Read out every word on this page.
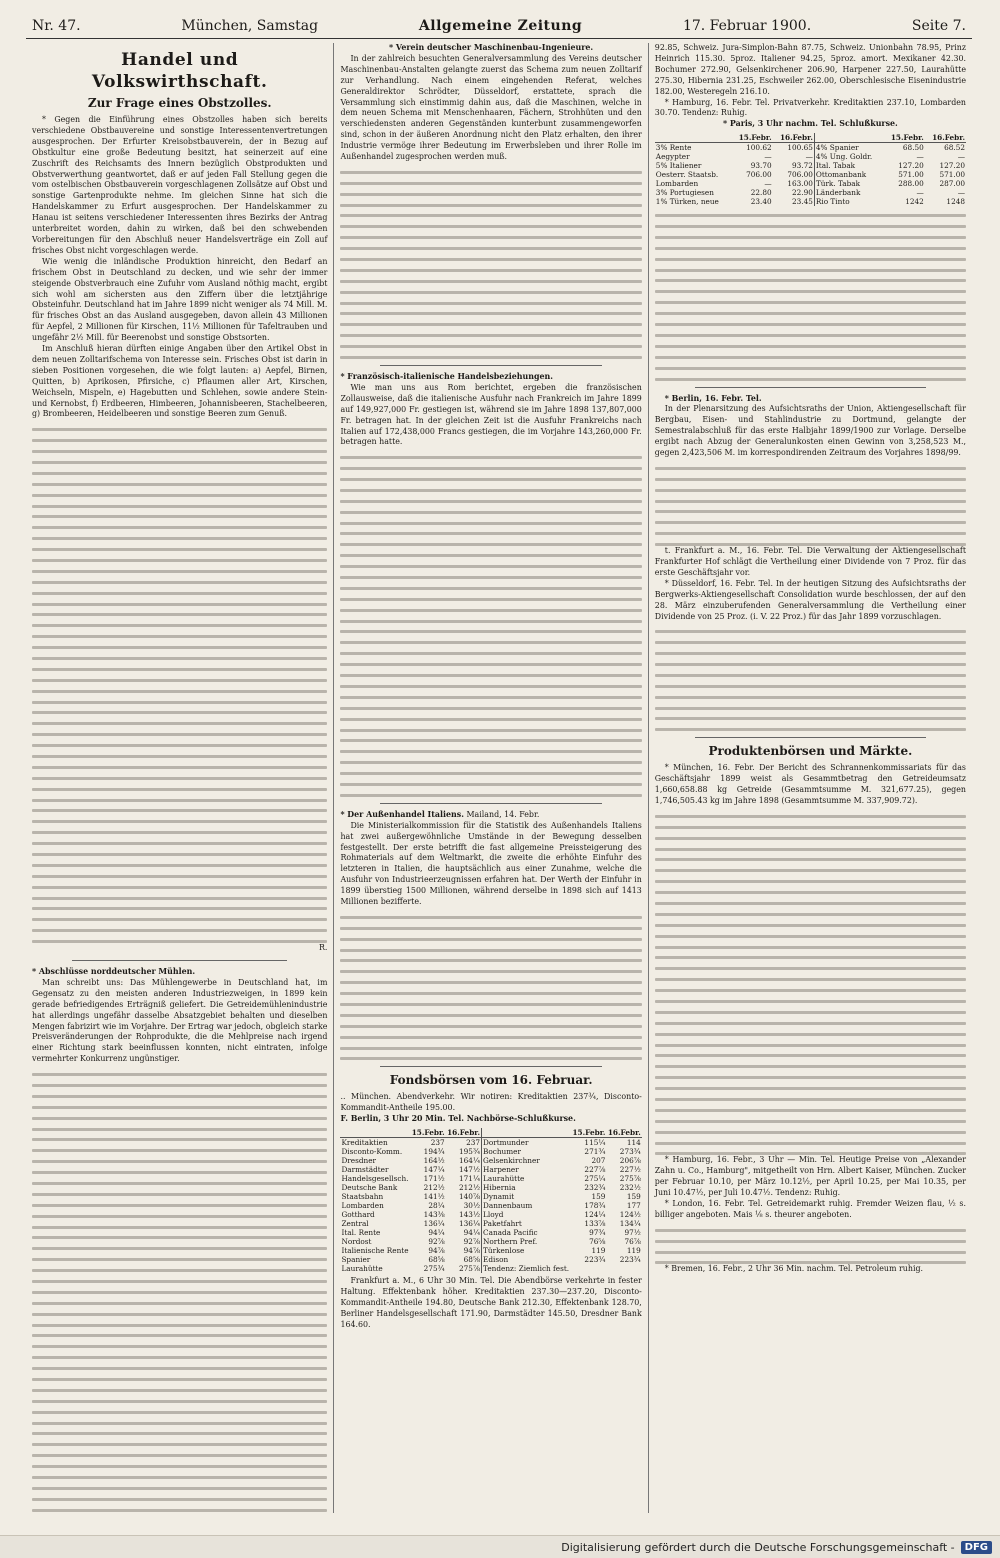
Nr. 47.	München, Samstag	Allgemeine Zeitung	17. Februar 1900.	Seite 7.
Handel und Volkswirthschaft.
Zur Frage eines Obstzolles.

* Gegen die Einführung eines Obstzolles haben sich bereits verschiedene Obstbauvereine und sonstige Interessentenvertretungen ausgesprochen. Der Erfurter Kreisobstbauverein, der in Bezug auf Obstkultur eine große Bedeutung besitzt, hat seinerzeit auf eine Zuschrift des Reichsamts des Innern bezüglich Obstprodukten und Obstverwerthung geantwortet, daß er auf jeden Fall Stellung gegen die vom ostelbischen Obstbauverein vorgeschlagenen Zollsätze auf Obst und sonstige Gartenprodukte nehme. Im gleichen Sinne hat sich die Handelskammer zu Erfurt ausgesprochen. Der Handelskammer zu Hanau ist seitens verschiedener Interessenten ihres Bezirks der Antrag unterbreitet worden, dahin zu wirken, daß bei den schwebenden Vorbereitungen für den Abschluß neuer Handelsverträge ein Zoll auf frisches Obst nicht vorgeschlagen werde.

Wie wenig die inländische Produktion hinreicht, den Bedarf an frischem Obst in Deutschland zu decken, und wie sehr der immer steigende Obstverbrauch eine Zufuhr vom Ausland nöthig macht, ergibt sich wohl am sichersten aus den Ziffern über die letztjährige Obsteinfuhr. Deutschland hat im Jahre 1899 nicht weniger als 74 Mill. M. für frisches Obst an das Ausland ausgegeben, davon allein 43 Millionen für Aepfel, 2 Millionen für Kirschen, 11½ Millionen für Tafeltrauben und ungefähr 2½ Mill. für Beerenobst und sonstige Obstsorten.

Im Anschluß hieran dürften einige Angaben über den Artikel Obst in dem neuen Zolltarifschema von Interesse sein. Frisches Obst ist darin in sieben Positionen vorgesehen, die wie folgt lauten: a) Aepfel, Birnen, Quitten, b) Aprikosen, Pfirsiche, c) Pflaumen aller Art, Kirschen, Weichseln, Mispeln, e) Hagebutten und Schlehen, sowie andere Stein- und Kernobst, f) Erdbeeren, Himbeeren, Johannisbeeren, Stachelbeeren, g) Brombeeren, Heidelbeeren und sonstige Beeren zum Genuß.

R.

* Abschlüsse norddeutscher Mühlen.

Man schreibt uns: Das Mühlengewerbe in Deutschland hat, im Gegensatz zu den meisten anderen Industriezweigen, in 1899 kein gerade befriedigendes Erträgniß geliefert. Die Getreidemühlenindustrie hat allerdings ungefähr dasselbe Absatzgebiet behalten und dieselben Mengen fabrizirt wie im Vorjahre. Der Ertrag war jedoch, obgleich starke Preisveränderungen der Rohprodukte, die die Mehlpreise nach irgend einer Richtung stark beeinflussen konnten, nicht eintraten, infolge vermehrter Konkurrenz ungünstiger.

* Verein deutscher Maschinenbau-Ingenieure.

In der zahlreich besuchten Generalversammlung des Vereins deutscher Maschinenbau-Anstalten gelangte zuerst das Schema zum neuen Zolltarif zur Verhandlung. Nach einem eingehenden Referat, welches Generaldirektor Schrödter, Düsseldorf, erstattete, sprach die Versammlung sich einstimmig dahin aus, daß die Maschinen, welche in dem neuen Schema mit Menschenhaaren, Fächern, Strohhüten und den verschiedensten anderen Gegenständen kunterbunt zusammengeworfen sind, schon in der äußeren Anordnung nicht den Platz erhalten, den ihrer Industrie vermöge ihrer Bedeutung im Erwerbsleben und ihrer Rolle im Außenhandel zugesprochen werden muß.

* Französisch-italienische Handelsbeziehungen.

Wie man uns aus Rom berichtet, ergeben die französischen Zollausweise, daß die italienische Ausfuhr nach Frankreich im Jahre 1899 auf 149,927,000 Fr. gestiegen ist, während sie im Jahre 1898 137,807,000 Fr. betragen hat. In der gleichen Zeit ist die Ausfuhr Frankreichs nach Italien auf 172,438,000 Francs gestiegen, die im Vorjahre 143,260,000 Fr. betragen hatte.

* Der Außenhandel Italiens. Mailand, 14. Febr.

Die Ministerialkommission für die Statistik des Außenhandels Italiens hat zwei außergewöhnliche Umstände in der Bewegung desselben festgestellt. Der erste betrifft die fast allgemeine Preissteigerung des Rohmaterials auf dem Weltmarkt, die zweite die erhöhte Einfuhr des letzteren in Italien, die hauptsächlich aus einer Zunahme, welche die Ausfuhr von Industrieerzeugnissen erfahren hat. Der Werth der Einfuhr in 1899 überstieg 1500 Millionen, während derselbe in 1898 sich auf 1413 Millionen bezifferte.

Fondsbörsen vom 16. Februar.

.. München. Abendverkehr. Wir notiren: Kreditaktien 237¾, Disconto-Kommandit-Antheile 195.00.

F. Berlin, 3 Uhr 20 Min. Tel. Nachbörse-Schlußkurse.

	15.Febr.	16.Febr.		15.Febr.	16.Febr.
Kreditaktien	237	237	Dortmunder	115¼	114
Disconto-Komm.	194¾	195¾	Bochumer	271¾	273¾
Dresdner	164½	164¼	Gelsenkirchner	207	206⅞
Darmstädter	147¼	147½	Harpener	227⅞	227½
Handelsgesellsch.	171½	171¼	Laurahütte	275¼	275⅞
Deutsche Bank	212½	212½	Hibernia	232¾	232½
Staatsbahn	141½	140⅞	Dynamit	159	159
Lombarden	28¼	30½	Dannenbaum	178¾	177
Gotthard	143⅜	143½	Lloyd	124¼	124½
Zentral	136¼	136¼	Paketfahrt	133⅞	134¼
Ital. Rente	94¼	94¼	Canada Pacific	97¾	97½
Nordost	92⅞	92⅞	Northern Pref.	76⅝	76⅞
Italienische Rente	94⅞	94⅞	Türkenlose	119	119
Spanier	68⅝	68⅝	Edison	223¾	223¾
Laurahütte	275¾	275⅞	Tendenz: Ziemlich fest.		

Frankfurt a. M., 6 Uhr 30 Min. Tel. Die Abendbörse verkehrte in fester Haltung. Effektenbank höher. Kreditaktien 237.30—237.20, Disconto-Kommandit-Antheile 194.80, Deutsche Bank 212.30, Effektenbank 128.70, Berliner Handelsgesellschaft 171.90, Darmstädter 145.50, Dresdner Bank 164.60.

92.85, Schweiz. Jura-Simplon-Bahn 87.75, Schweiz. Unionbahn 78.95, Prinz Heinrich 115.30. 5proz. Italiener 94.25, 5proz. amort. Mexikaner 42.30. Bochumer 272.90, Gelsenkirchener 206.90, Harpener 227.50, Laurahütte 275.30, Hibernia 231.25, Eschweiler 262.00, Oberschlesische Eisenindustrie 182.00, Westeregeln 216.10.

* Hamburg, 16. Febr. Tel. Privatverkehr. Kreditaktien 237.10, Lombarden 30.70. Tendenz: Ruhig.

* Paris, 3 Uhr nachm. Tel. Schlußkurse.

	15.Febr.	16.Febr.		15.Febr.	16.Febr.
3% Rente	100.62	100.65	4% Spanier	68.50	68.52
Aegypter	—	—	4% Ung. Goldr.	—	—
5% Italiener	93.70	93.72	Ital. Tabak	127.20	127.20
Oesterr. Staatsb.	706.00	706.00	Ottomanbank	571.00	571.00
Lombarden	—	163.00	Türk. Tabak	288.00	287.00
3% Portugiesen	22.80	22.90	Länderbank	—	—
1% Türken, neue	23.40	23.45	Rio Tinto	1242	1248

* Berlin, 16. Febr. Tel.

In der Plenarsitzung des Aufsichtsraths der Union, Aktiengesellschaft für Bergbau, Eisen- und Stahlindustrie zu Dortmund, gelangte der Semestralabschluß für das erste Halbjahr 1899/1900 zur Vorlage. Derselbe ergibt nach Abzug der Generalunkosten einen Gewinn von 3,258,523 M., gegen 2,423,506 M. im korrespondirenden Zeitraum des Vorjahres 1898/99.

t. Frankfurt a. M., 16. Febr. Tel. Die Verwaltung der Aktiengesellschaft Frankfurter Hof schlägt die Vertheilung einer Dividende von 7 Proz. für das erste Geschäftsjahr vor.

* Düsseldorf, 16. Febr. Tel. In der heutigen Sitzung des Aufsichtsraths der Bergwerks-Aktiengesellschaft Consolidation wurde beschlossen, der auf den 28. März einzuberufenden Generalversammlung die Vertheilung einer Dividende von 25 Proz. (i. V. 22 Proz.) für das Jahr 1899 vorzuschlagen.

Produktenbörsen und Märkte.

* München, 16. Febr. Der Bericht des Schrannenkommissariats für das Geschäftsjahr 1899 weist als Gesammtbetrag den Getreideumsatz 1,660,658.88 kg Getreide (Gesammtsumme M. 321,677.25), gegen 1,746,505.43 kg im Jahre 1898 (Gesammtsumme M. 337,909.72).

* Hamburg, 16. Febr., 3 Uhr — Min. Tel. Heutige Preise von „Alexander Zahn u. Co., Hamburg", mitgetheilt von Hrn. Albert Kaiser, München. Zucker per Februar 10.10, per März 10.12½, per April 10.25, per Mai 10.35, per Juni 10.47½, per Juli 10.47½. Tendenz: Ruhig.

* London, 16. Febr. Tel. Getreidemarkt ruhig. Fremder Weizen flau, ½ s. billiger angeboten. Mais ⅛ s. theurer angeboten.

* Bremen, 16. Febr., 2 Uhr 36 Min. nachm. Tel. Petroleum ruhig.

Digitalisierung gefördert durch die Deutsche Forschungsgemeinschaft -	DFG
